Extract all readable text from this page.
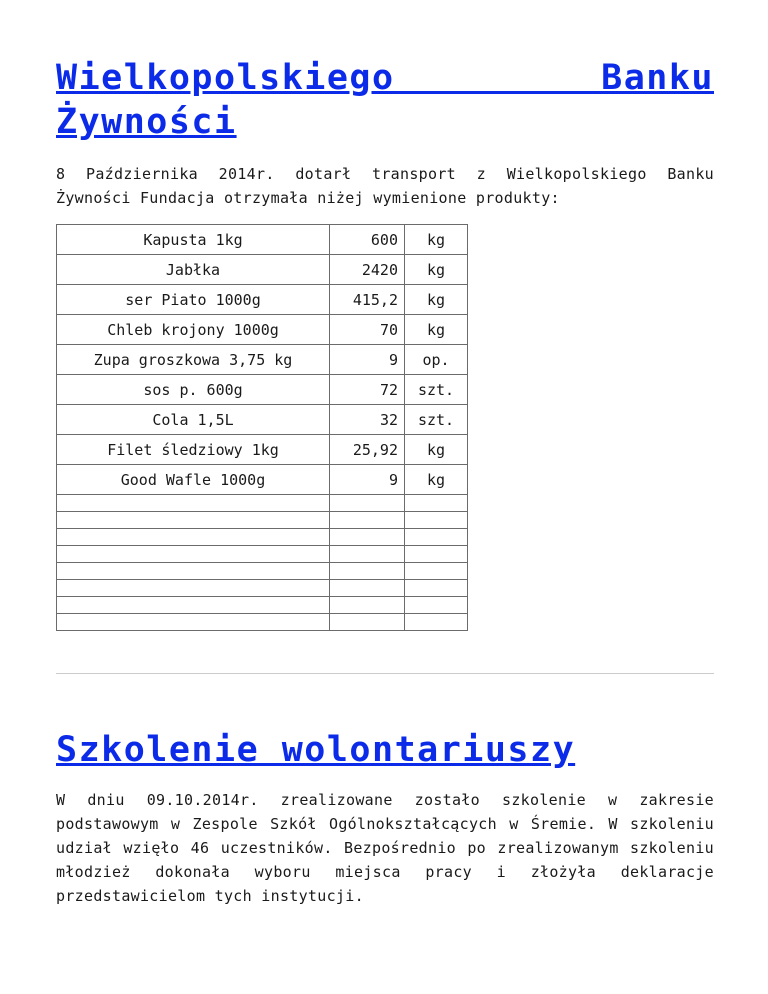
Wielkopolskiego Banku Żywności

8 Października 2014r. dotarł transport z Wielkopolskiego Banku Żywności Fundacja otrzymała niżej wymienione produkty:

Kapusta 1kg	600	kg
Jabłka	2420	kg
ser Piato 1000g	415,2	kg
Chleb krojony 1000g	70	kg
Zupa groszkowa 3,75 kg	9	op.
sos p. 600g	72	szt.
Cola 1,5L	32	szt.
Filet śledziowy 1kg	25,92	kg
Good Wafle 1000g	9	kg

Szkolenie wolontariuszy

W dniu 09.10.2014r. zrealizowane zostało szkolenie w zakresie podstawowym w Zespole Szkół Ogólnokształcących w Śremie. W szkoleniu udział wzięło 46 uczestników. Bezpośrednio po zrealizowanym szkoleniu młodzież dokonała wyboru miejsca pracy i złożyła deklaracje przedstawicielom tych instytucji.
